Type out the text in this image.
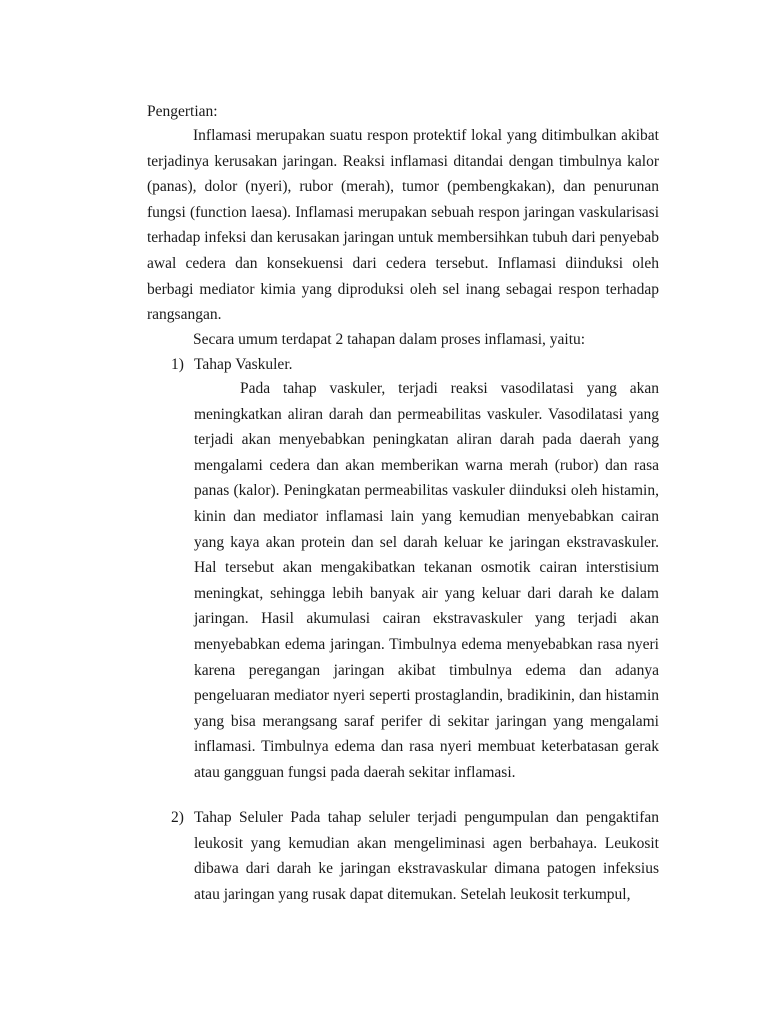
Pengertian:

Inflamasi merupakan suatu respon protektif lokal yang ditimbulkan akibat terjadinya kerusakan jaringan. Reaksi inflamasi ditandai dengan timbulnya kalor (panas), dolor (nyeri), rubor (merah), tumor (pembengkakan), dan penurunan fungsi (function laesa). Inflamasi merupakan sebuah respon jaringan vaskularisasi terhadap infeksi dan kerusakan jaringan untuk membersihkan tubuh dari penyebab awal cedera dan konsekuensi dari cedera tersebut. Inflamasi diinduksi oleh berbagi mediator kimia yang diproduksi oleh sel inang sebagai respon terhadap rangsangan.

Secara umum terdapat 2 tahapan dalam proses inflamasi, yaitu:

1) Tahap Vaskuler.

Pada tahap vaskuler, terjadi reaksi vasodilatasi yang akan meningkatkan aliran darah dan permeabilitas vaskuler. Vasodilatasi yang terjadi akan menyebabkan peningkatan aliran darah pada daerah yang mengalami cedera dan akan memberikan warna merah (rubor) dan rasa panas (kalor). Peningkatan permeabilitas vaskuler diinduksi oleh histamin, kinin dan mediator inflamasi lain yang kemudian menyebabkan cairan yang kaya akan protein dan sel darah keluar ke jaringan ekstravaskuler. Hal tersebut akan mengakibatkan tekanan osmotik cairan interstisium meningkat, sehingga lebih banyak air yang keluar dari darah ke dalam jaringan. Hasil akumulasi cairan ekstravaskuler yang terjadi akan menyebabkan edema jaringan. Timbulnya edema menyebabkan rasa nyeri karena peregangan jaringan akibat timbulnya edema dan adanya pengeluaran mediator nyeri seperti prostaglandin, bradikinin, dan histamin yang bisa merangsang saraf perifer di sekitar jaringan yang mengalami inflamasi. Timbulnya edema dan rasa nyeri membuat keterbatasan gerak atau gangguan fungsi pada daerah sekitar inflamasi.

2) Tahap Seluler Pada tahap seluler terjadi pengumpulan dan pengaktifan leukosit yang kemudian akan mengeliminasi agen berbahaya. Leukosit dibawa dari darah ke jaringan ekstravaskular dimana patogen infeksius atau jaringan yang rusak dapat ditemukan. Setelah leukosit terkumpul,
